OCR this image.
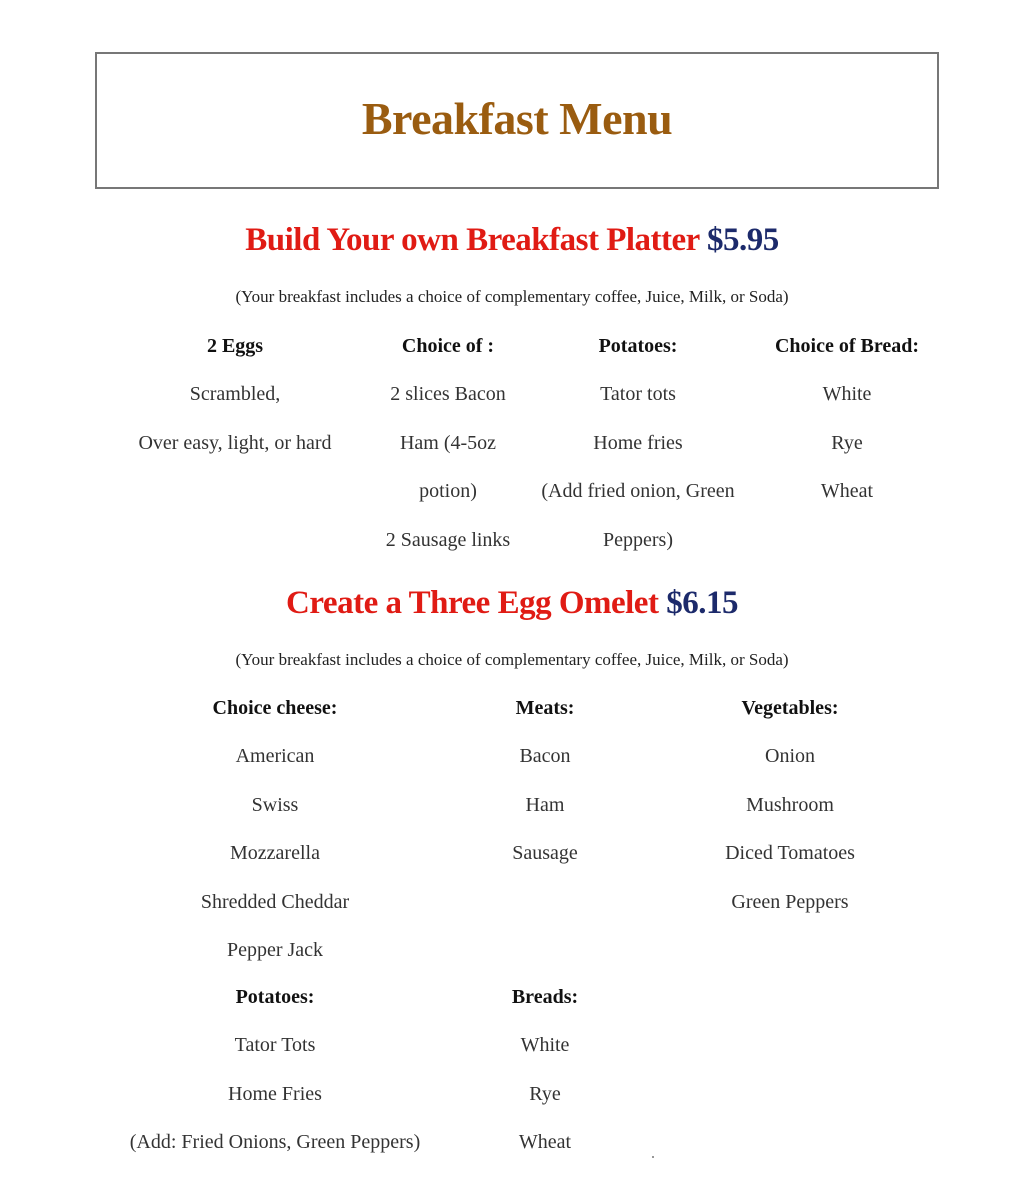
Breakfast Menu
Build Your own Breakfast Platter $5.95
(Your breakfast includes a choice of complementary coffee, Juice, Milk, or Soda)
2 Eggs
Scrambled,
Over easy, light, or hard
Choice of :
2 slices Bacon
Ham (4-5oz
potion)
2 Sausage links
Potatoes:
Tator tots
Home fries
(Add fried onion, Green
Peppers)
Choice of Bread:
White
Rye
Wheat
Create a Three Egg Omelet $6.15
(Your breakfast includes a choice of complementary coffee, Juice, Milk, or Soda)
Choice cheese:
American
Swiss
Mozzarella
Shredded Cheddar
Pepper Jack
Meats:
Bacon
Ham
Sausage
Vegetables:
Onion
Mushroom
Diced Tomatoes
Green Peppers
Potatoes:
Tator Tots
Home Fries
(Add: Fried Onions, Green Peppers)
Breads:
White
Rye
Wheat
